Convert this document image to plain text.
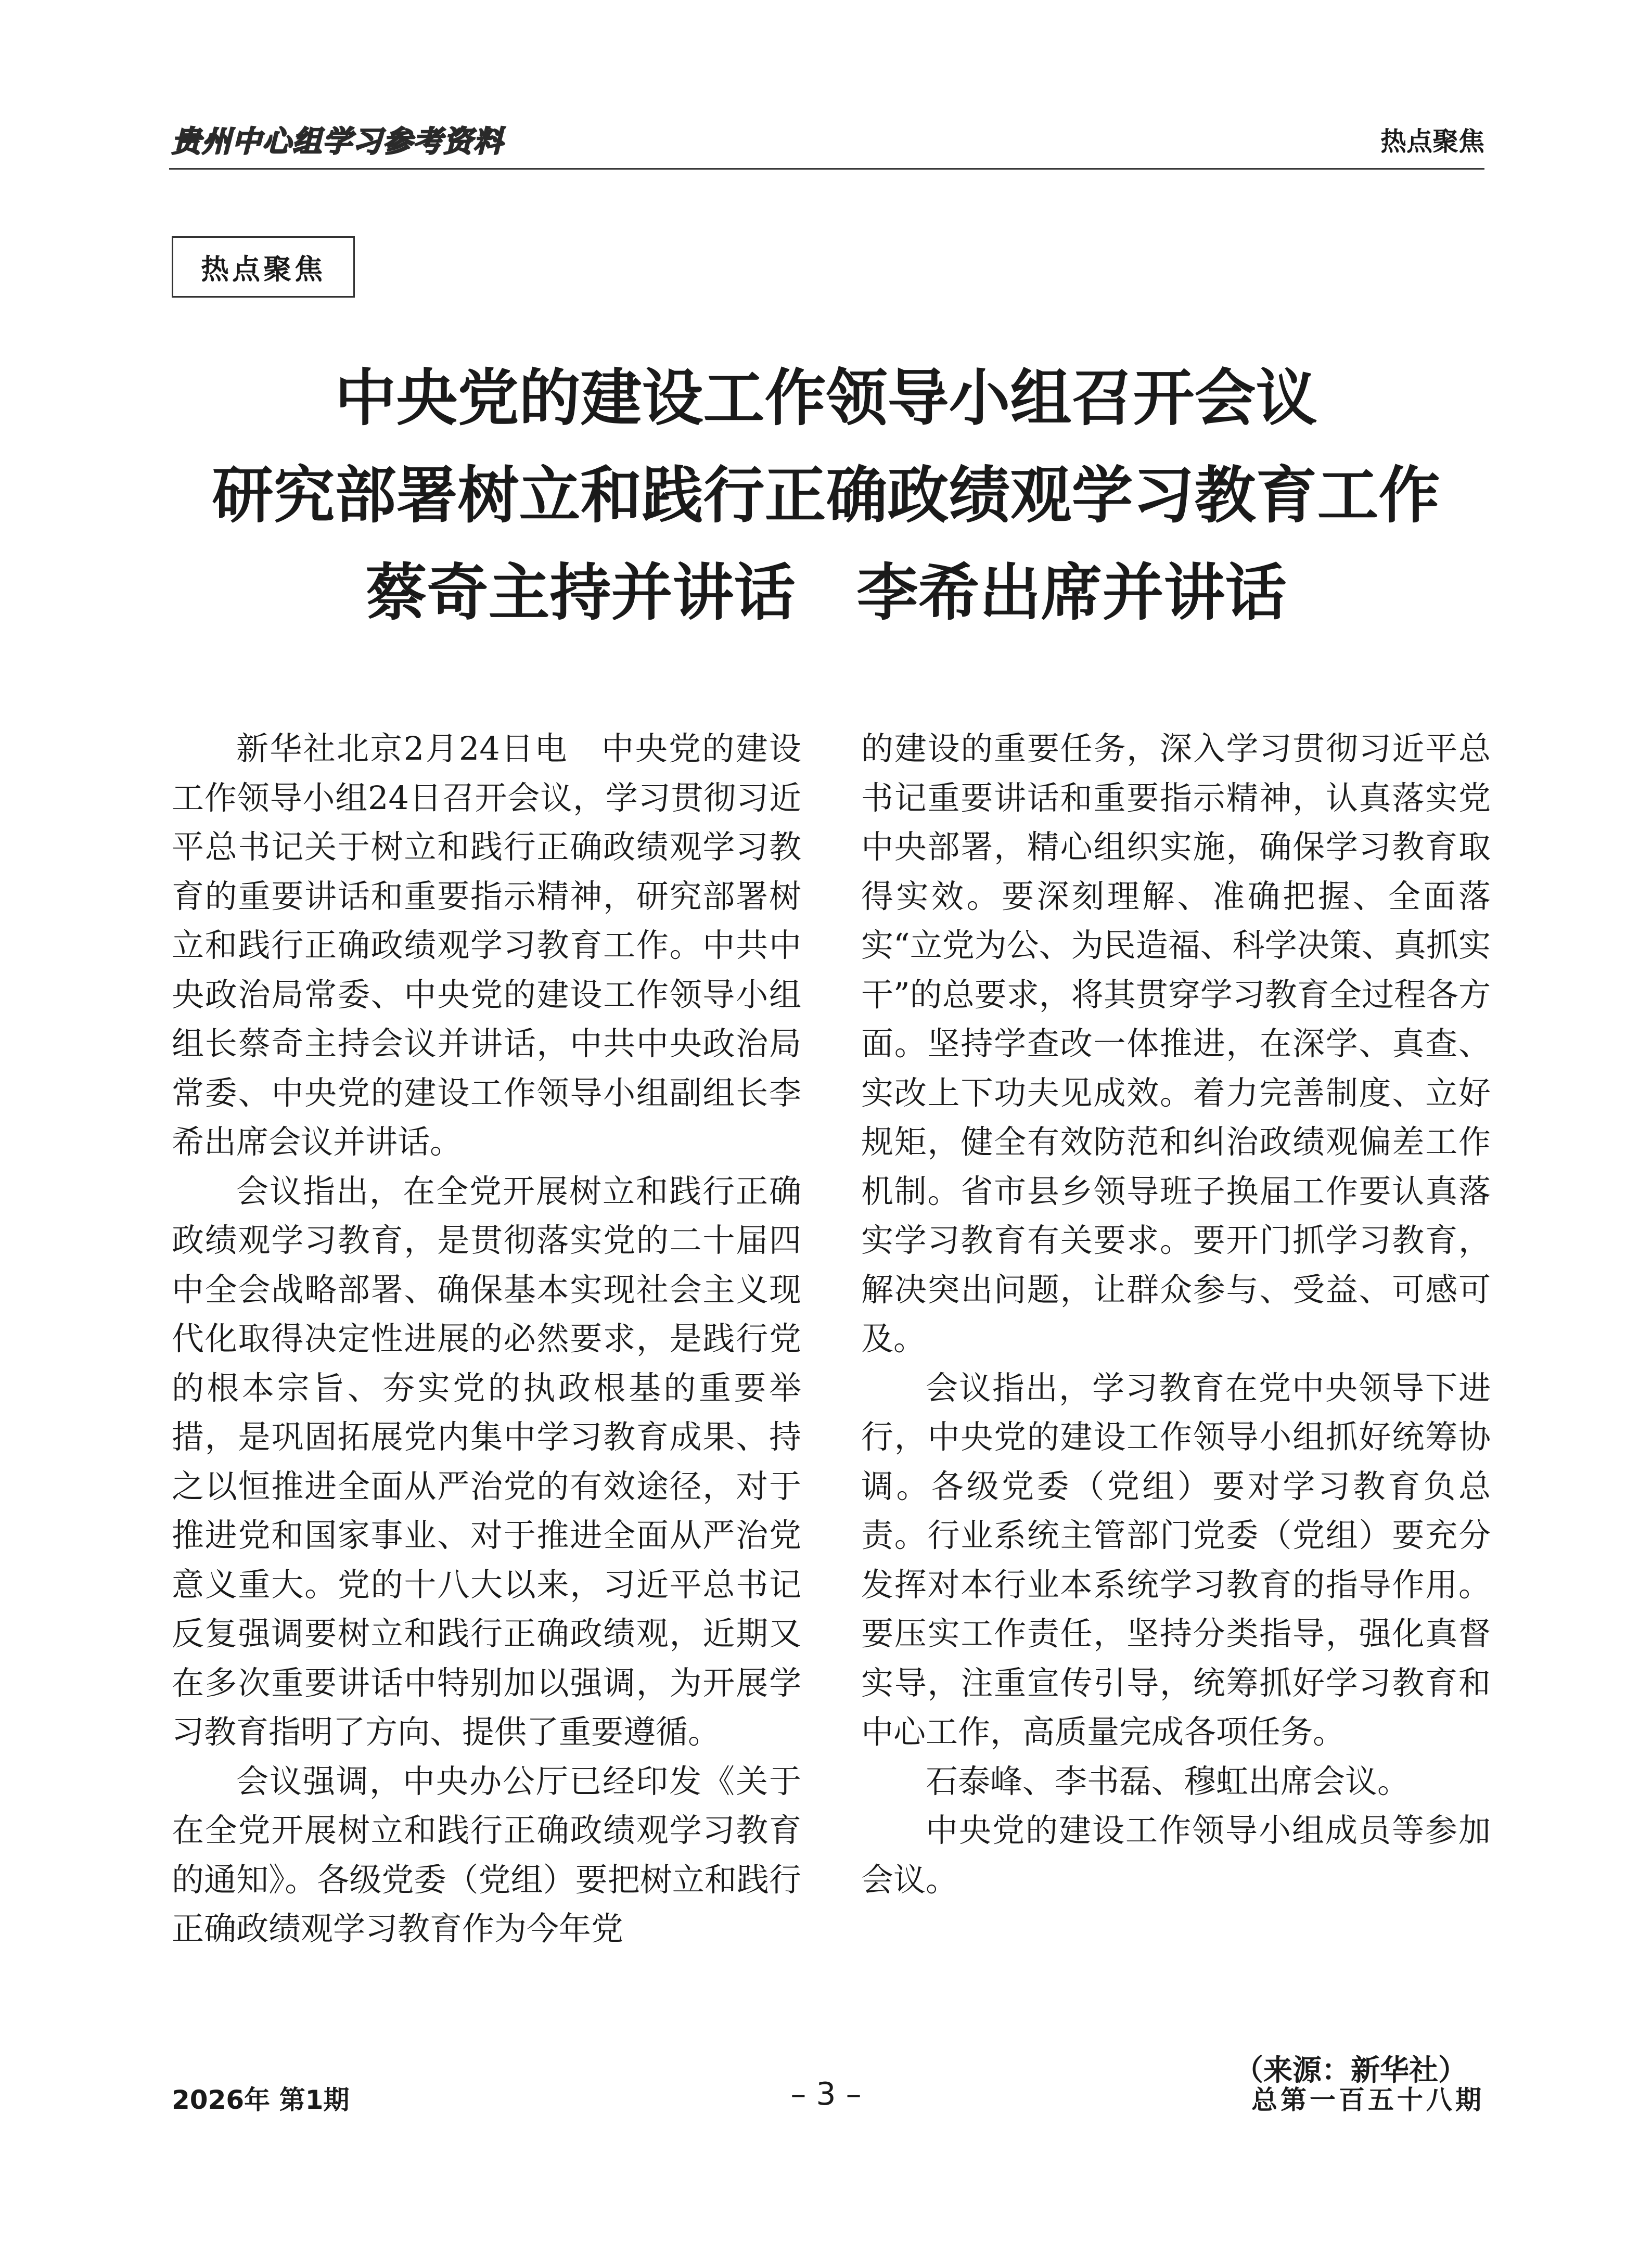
贵州中心组学习参考资料	热点聚焦
热点聚焦
中央党的建设工作领导小组召开会议
研究部署树立和践行正确政绩观学习教育工作
蔡奇主持并讲话 李希出席并讲话

新华社北京2月24日电　中央党的建设工作领导小组24日召开会议，学习贯彻习近平总书记关于树立和践行正确政绩观学习教育的重要讲话和重要指示精神，研究部署树立和践行正确政绩观学习教育工作。中共中央政治局常委、中央党的建设工作领导小组组长蔡奇主持会议并讲话，中共中央政治局常委、中央党的建设工作领导小组副组长李希出席会议并讲话。

会议指出，在全党开展树立和践行正确政绩观学习教育，是贯彻落实党的二十届四中全会战略部署、确保基本实现社会主义现代化取得决定性进展的必然要求，是践行党的根本宗旨、夯实党的执政根基的重要举措，是巩固拓展党内集中学习教育成果、持之以恒推进全面从严治党的有效途径，对于推进党和国家事业、对于推进全面从严治党意义重大。党的十八大以来，习近平总书记反复强调要树立和践行正确政绩观，近期又在多次重要讲话中特别加以强调，为开展学习教育指明了方向、提供了重要遵循。

会议强调，中央办公厅已经印发《关于在全党开展树立和践行正确政绩观学习教育的通知》。各级党委（党组）要把树立和践行正确政绩观学习教育作为今年党

的建设的重要任务，深入学习贯彻习近平总书记重要讲话和重要指示精神，认真落实党中央部署，精心组织实施，确保学习教育取得实效。要深刻理解、准确把握、全面落实“立党为公、为民造福、科学决策、真抓实干”的总要求，将其贯穿学习教育全过程各方面。坚持学查改一体推进，在深学、真查、实改上下功夫见成效。着力完善制度、立好规矩，健全有效防范和纠治政绩观偏差工作机制。省市县乡领导班子换届工作要认真落实学习教育有关要求。要开门抓学习教育，解决突出问题，让群众参与、受益、可感可及。

会议指出，学习教育在党中央领导下进行，中央党的建设工作领导小组抓好统筹协调。各级党委（党组）要对学习教育负总责。行业系统主管部门党委（党组）要充分发挥对本行业本系统学习教育的指导作用。要压实工作责任，坚持分类指导，强化真督实导，注重宣传引导，统筹抓好学习教育和中心工作，高质量完成各项任务。

石泰峰、李书磊、穆虹出席会议。

中央党的建设工作领导小组成员等参加会议。

（来源：新华社）
2026年 第1期	– 3 –	总第一百五十八期
